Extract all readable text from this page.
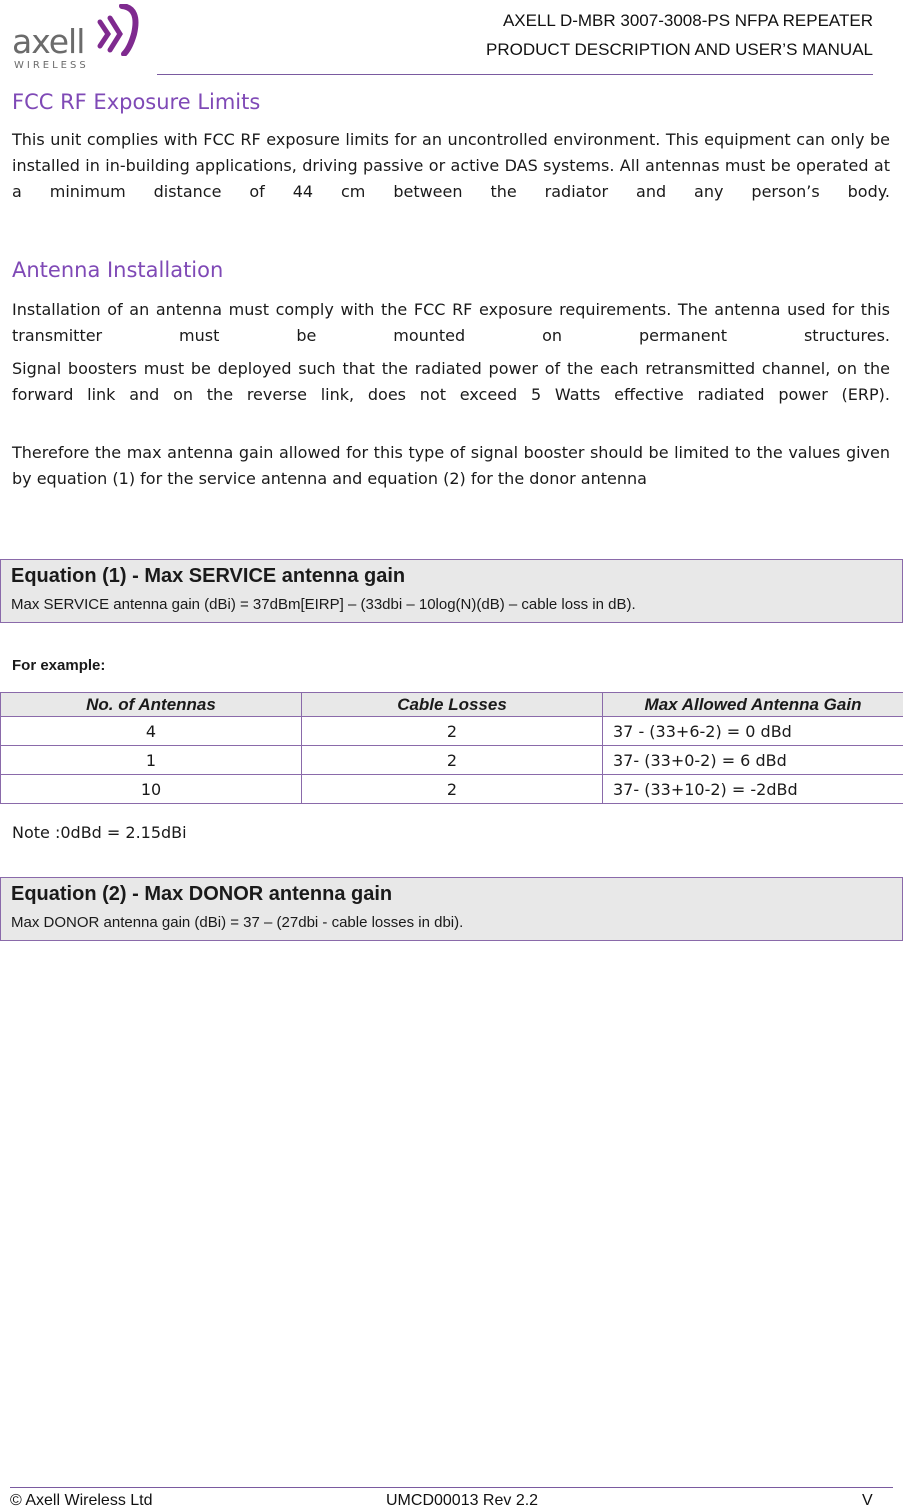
axell
WIRELESS
AXELL D-MBR 3007-3008-PS NFPA REPEATER
PRODUCT DESCRIPTION AND USER’S MANUAL
FCC RF Exposure Limits
This unit complies with FCC RF exposure limits for an uncontrolled environment. This equipment can only be installed in in-building applications, driving passive or active DAS systems. All antennas must be operated at a minimum distance of 44 cm between the radiator and any person’s body.
Antenna Installation
Installation of an antenna must comply with the FCC RF exposure requirements. The antenna used for this transmitter must be mounted on permanent structures.
Signal boosters must be deployed such that the radiated power of the each retransmitted channel, on the forward link and on the reverse link, does not exceed 5 Watts effective radiated power (ERP).
Therefore the max antenna gain allowed for this type of signal booster should be limited to the values given by equation (1) for the service antenna and equation (2) for the donor antenna
Equation (1) - Max SERVICE antenna gain
Max SERVICE antenna gain (dBi) = 37dBm[EIRP] – (33dbi – 10log(N)(dB) – cable loss in dB).
For example:
No. of Antennas	Cable Losses	Max Allowed Antenna Gain
4	2	37 - (33+6-2) = 0 dBd
1	2	37- (33+0-2) = 6 dBd
10	2	37- (33+10-2) = -2dBd
Note :0dBd = 2.15dBi
Equation (2) - Max DONOR antenna gain
Max DONOR antenna gain (dBi) = 37 – (27dbi - cable losses in dbi).
© Axell Wireless Ltd	UMCD00013 Rev 2.2	V
